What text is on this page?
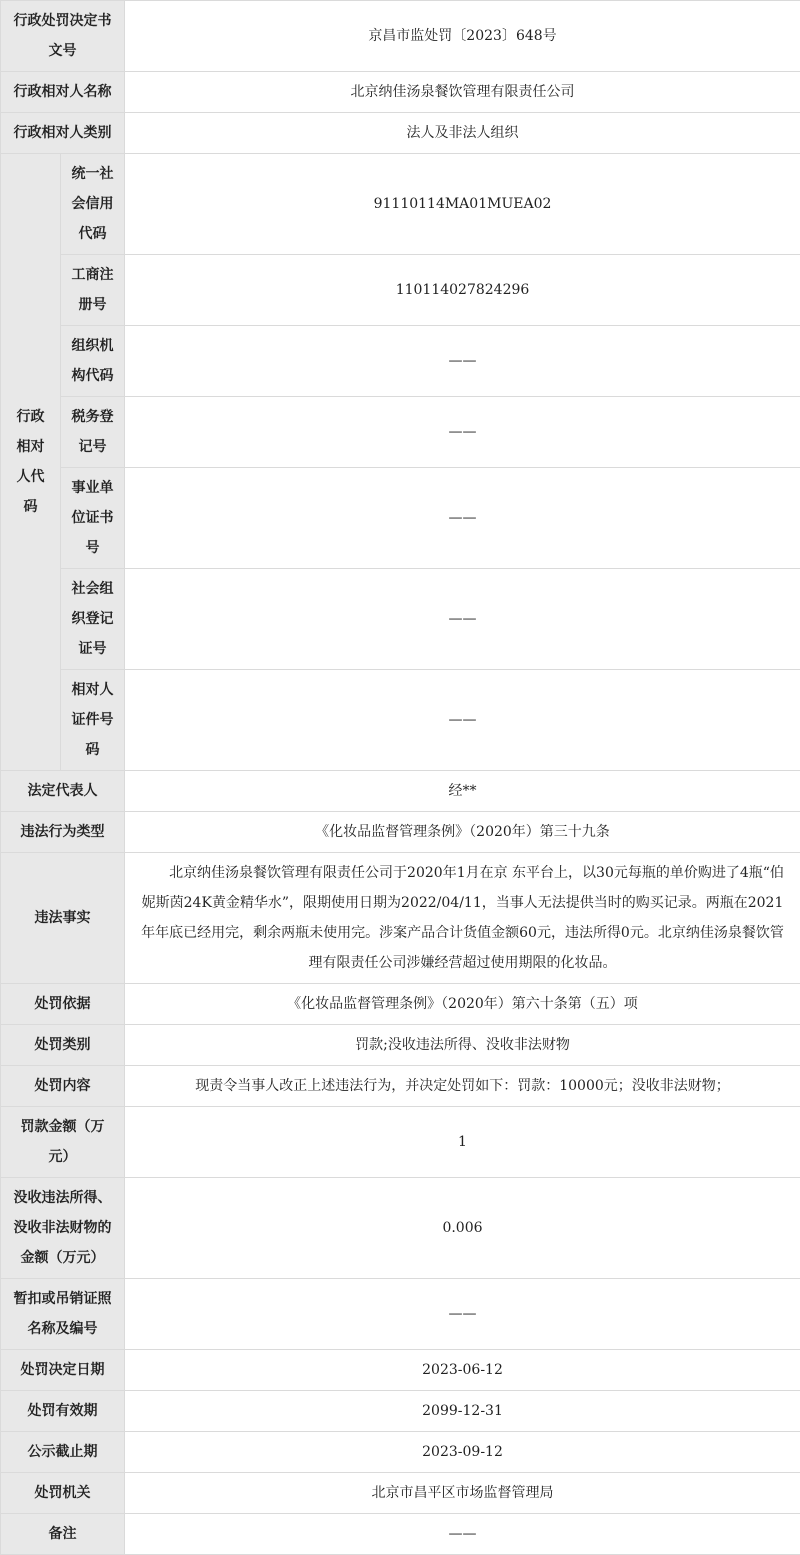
行政处罚决定书文号		京昌市监处罚〔2023〕648号
行政相对人名称		北京纳佳汤泉餐饮管理有限责任公司
行政相对人类别		法人及非法人组织
行政相对人代码	统一社会信用代码	91110114MA01MUEA02
	工商注册号	110114027824296
	组织机构代码	——
	税务登记号	——
	事业单位证书号	——
	社会组织登记证号	——
	相对人证件号码	——
法定代表人		经**
违法行为类型		《化妆品监督管理条例》（2020年）第三十九条
违法事实		北京纳佳汤泉餐饮管理有限责任公司于2020年1月在京 东平台上，以30元每瓶的单价购进了4瓶“伯妮斯茵24K黄金精华水”，限期使用日期为2022/04/11，当事人无法提供当时的购买记录。两瓶在2021年年底已经用完，剩余两瓶未使用完。涉案产品合计货值金额60元，违法所得0元。北京纳佳汤泉餐饮管理有限责任公司涉嫌经营超过使用期限的化妆品。
处罚依据		《化妆品监督管理条例》（2020年）第六十条第（五）项
处罚类别		罚款;没收违法所得、没收非法财物
处罚内容		现责令当事人改正上述违法行为，并决定处罚如下：罚款：10000元；没收非法财物；
罚款金额（万元）		1
没收违法所得、没收非法财物的金额（万元）		0.006
暂扣或吊销证照名称及编号		——
处罚决定日期		2023-06-12
处罚有效期		2099-12-31
公示截止期		2023-09-12
处罚机关		北京市昌平区市场监督管理局
备注		——
